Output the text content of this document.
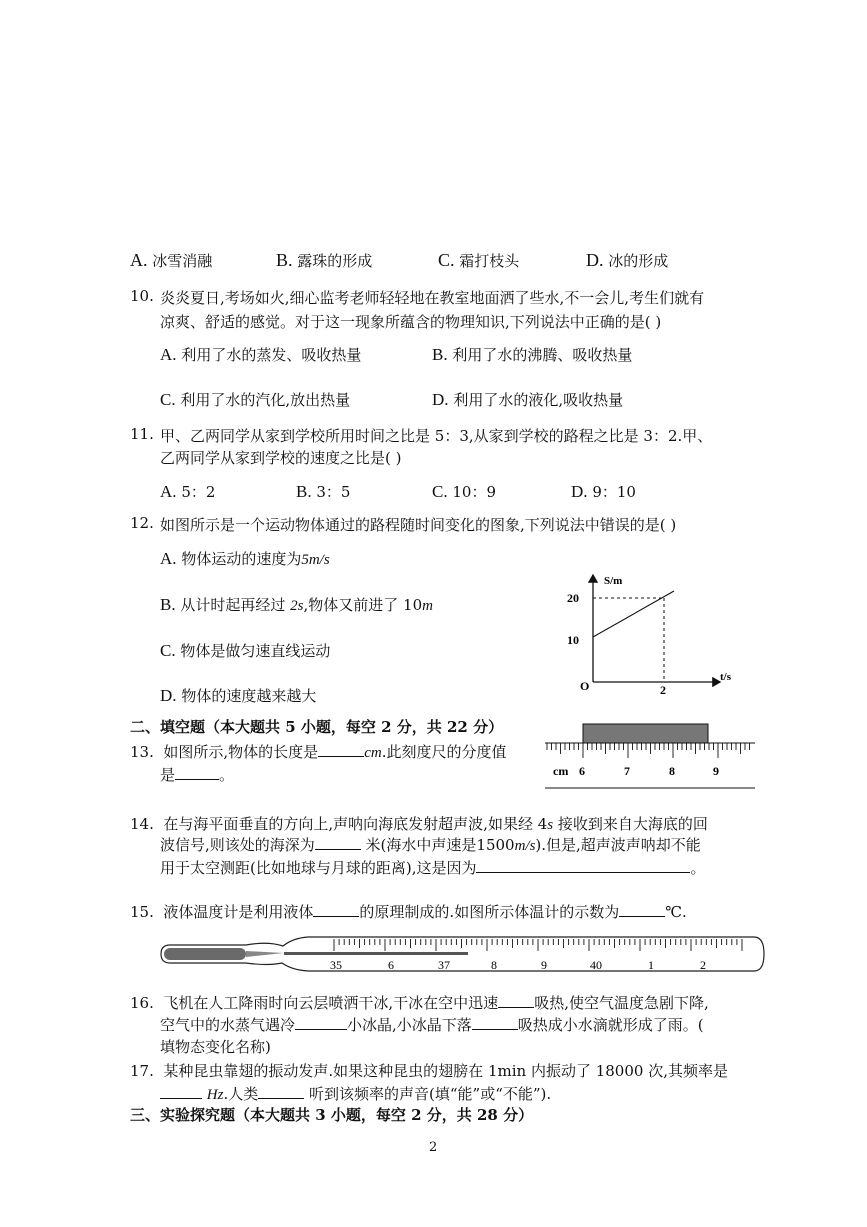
A. 冰雪消融	B. 露珠的形成	C. 霜打枝头	D. 冰的形成
10. 炎炎夏日,考场如火,细心监考老师轻轻地在教室地面洒了些水,不一会儿,考生们就有
凉爽、舒适的感觉。对于这一现象所蕴含的物理知识,下列说法中正确的是( )
A. 利用了水的蒸发、吸收热量	B. 利用了水的沸腾、吸收热量
C. 利用了水的汽化,放出热量	D. 利用了水的液化,吸收热量
11. 甲、乙两同学从家到学校所用时间之比是 5：3,从家到学校的路程之比是 3：2.甲、
乙两同学从家到学校的速度之比是( )
A. 5：2	B. 3：5	C. 10：9	D. 9：10
12. 如图所示是一个运动物体通过的路程随时间变化的图象,下列说法中错误的是( )
A. 物体运动的速度为5m/s
B. 从计时起再经过 2s,物体又前进了 10m
C. 物体是做匀速直线运动
D. 物体的速度越来越大
S/m
t/s
20
10
O	2
二、填空题（本大题共 5 小题，每空 2 分，共 22 分）
13. 如图所示,物体的长度是	cm.此刻度尺的分度值
是	。	cm 6	7	8	9
14. 在与海平面垂直的方向上,声呐向海底发射超声波,如果经 4s 接收到来自大海底的回
波信号,则该处的海深为	米(海水中声速是1500m/s).但是,超声波声呐却不能
用于太空测距(比如地球与月球的距离),这是因为	。
15. 液体温度计是利用液体	的原理制成的.如图所示体温计的示数为	℃.
35	6	37	8	9	40	1	2
16. 飞机在人工降雨时向云层喷洒干冰,干冰在空中迅速 吸热,使空气温度急剧下降,
空气中的水蒸气遇冷	小冰晶,小冰晶下落	吸热成小水滴就形成了雨。(
填物态变化名称)
17. 某种昆虫靠翅的振动发声.如果这种昆虫的翅膀在 1min 内振动了 18000 次,其频率是
Hz.人类	听到该频率的声音(填“能”或“不能”).
三、实验探究题（本大题共 3 小题，每空 2 分，共 28 分）
2
